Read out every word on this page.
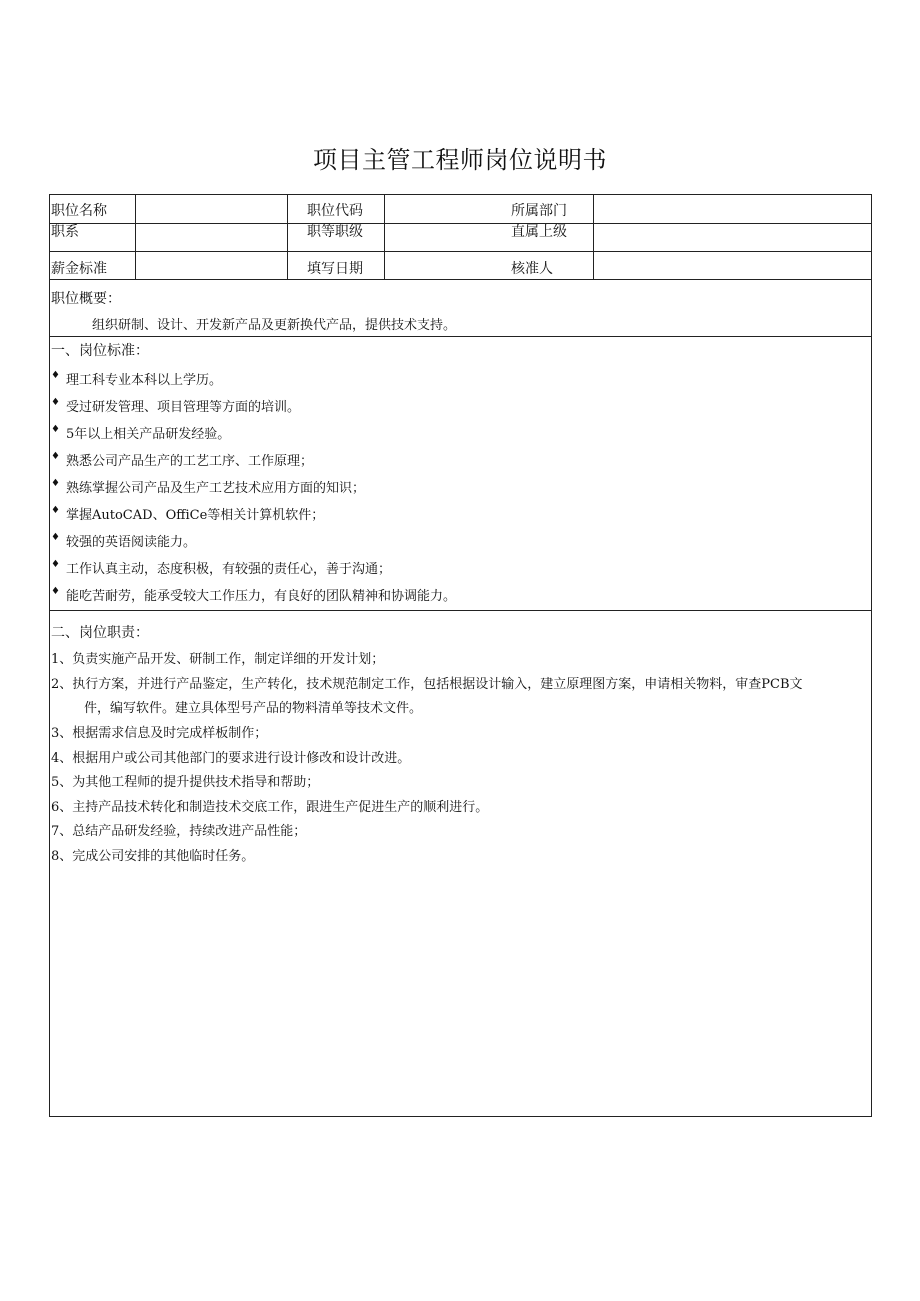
项目主管工程师岗位说明书
职位名称	职位代码	所属部门
职系	职等职级	直属上级
薪金标准	填写日期	核准人
职位概要：
组织研制、设计、开发新产品及更新换代产品，提供技术支持。
一、岗位标准：
♦ 理工科专业本科以上学历。
♦ 受过研发管理、项目管理等方面的培训。
♦ 5年以上相关产品研发经验。
♦ 熟悉公司产品生产的工艺工序、工作原理；
♦ 熟练掌握公司产品及生产工艺技术应用方面的知识；
♦ 掌握AutoCAD、OffiCe等相关计算机软件；
♦ 较强的英语阅读能力。
♦ 工作认真主动，态度积极，有较强的责任心，善于沟通；
♦ 能吃苦耐劳，能承受较大工作压力，有良好的团队精神和协调能力。
二、岗位职责：
1、负责实施产品开发、研制工作，制定详细的开发计划；
2、执行方案，并进行产品鉴定，生产转化，技术规范制定工作，包括根据设计输入，建立原理图方案，申请相关物料，审查PCB文
件，编写软件。建立具体型号产品的物料清单等技术文件。
3、根据需求信息及时完成样板制作；
4、根据用户或公司其他部门的要求进行设计修改和设计改进。
5、为其他工程师的提升提供技术指导和帮助；
6、主持产品技术转化和制造技术交底工作，跟进生产促进生产的顺利进行。
7、总结产品研发经验，持续改进产品性能；
8、完成公司安排的其他临时任务。
